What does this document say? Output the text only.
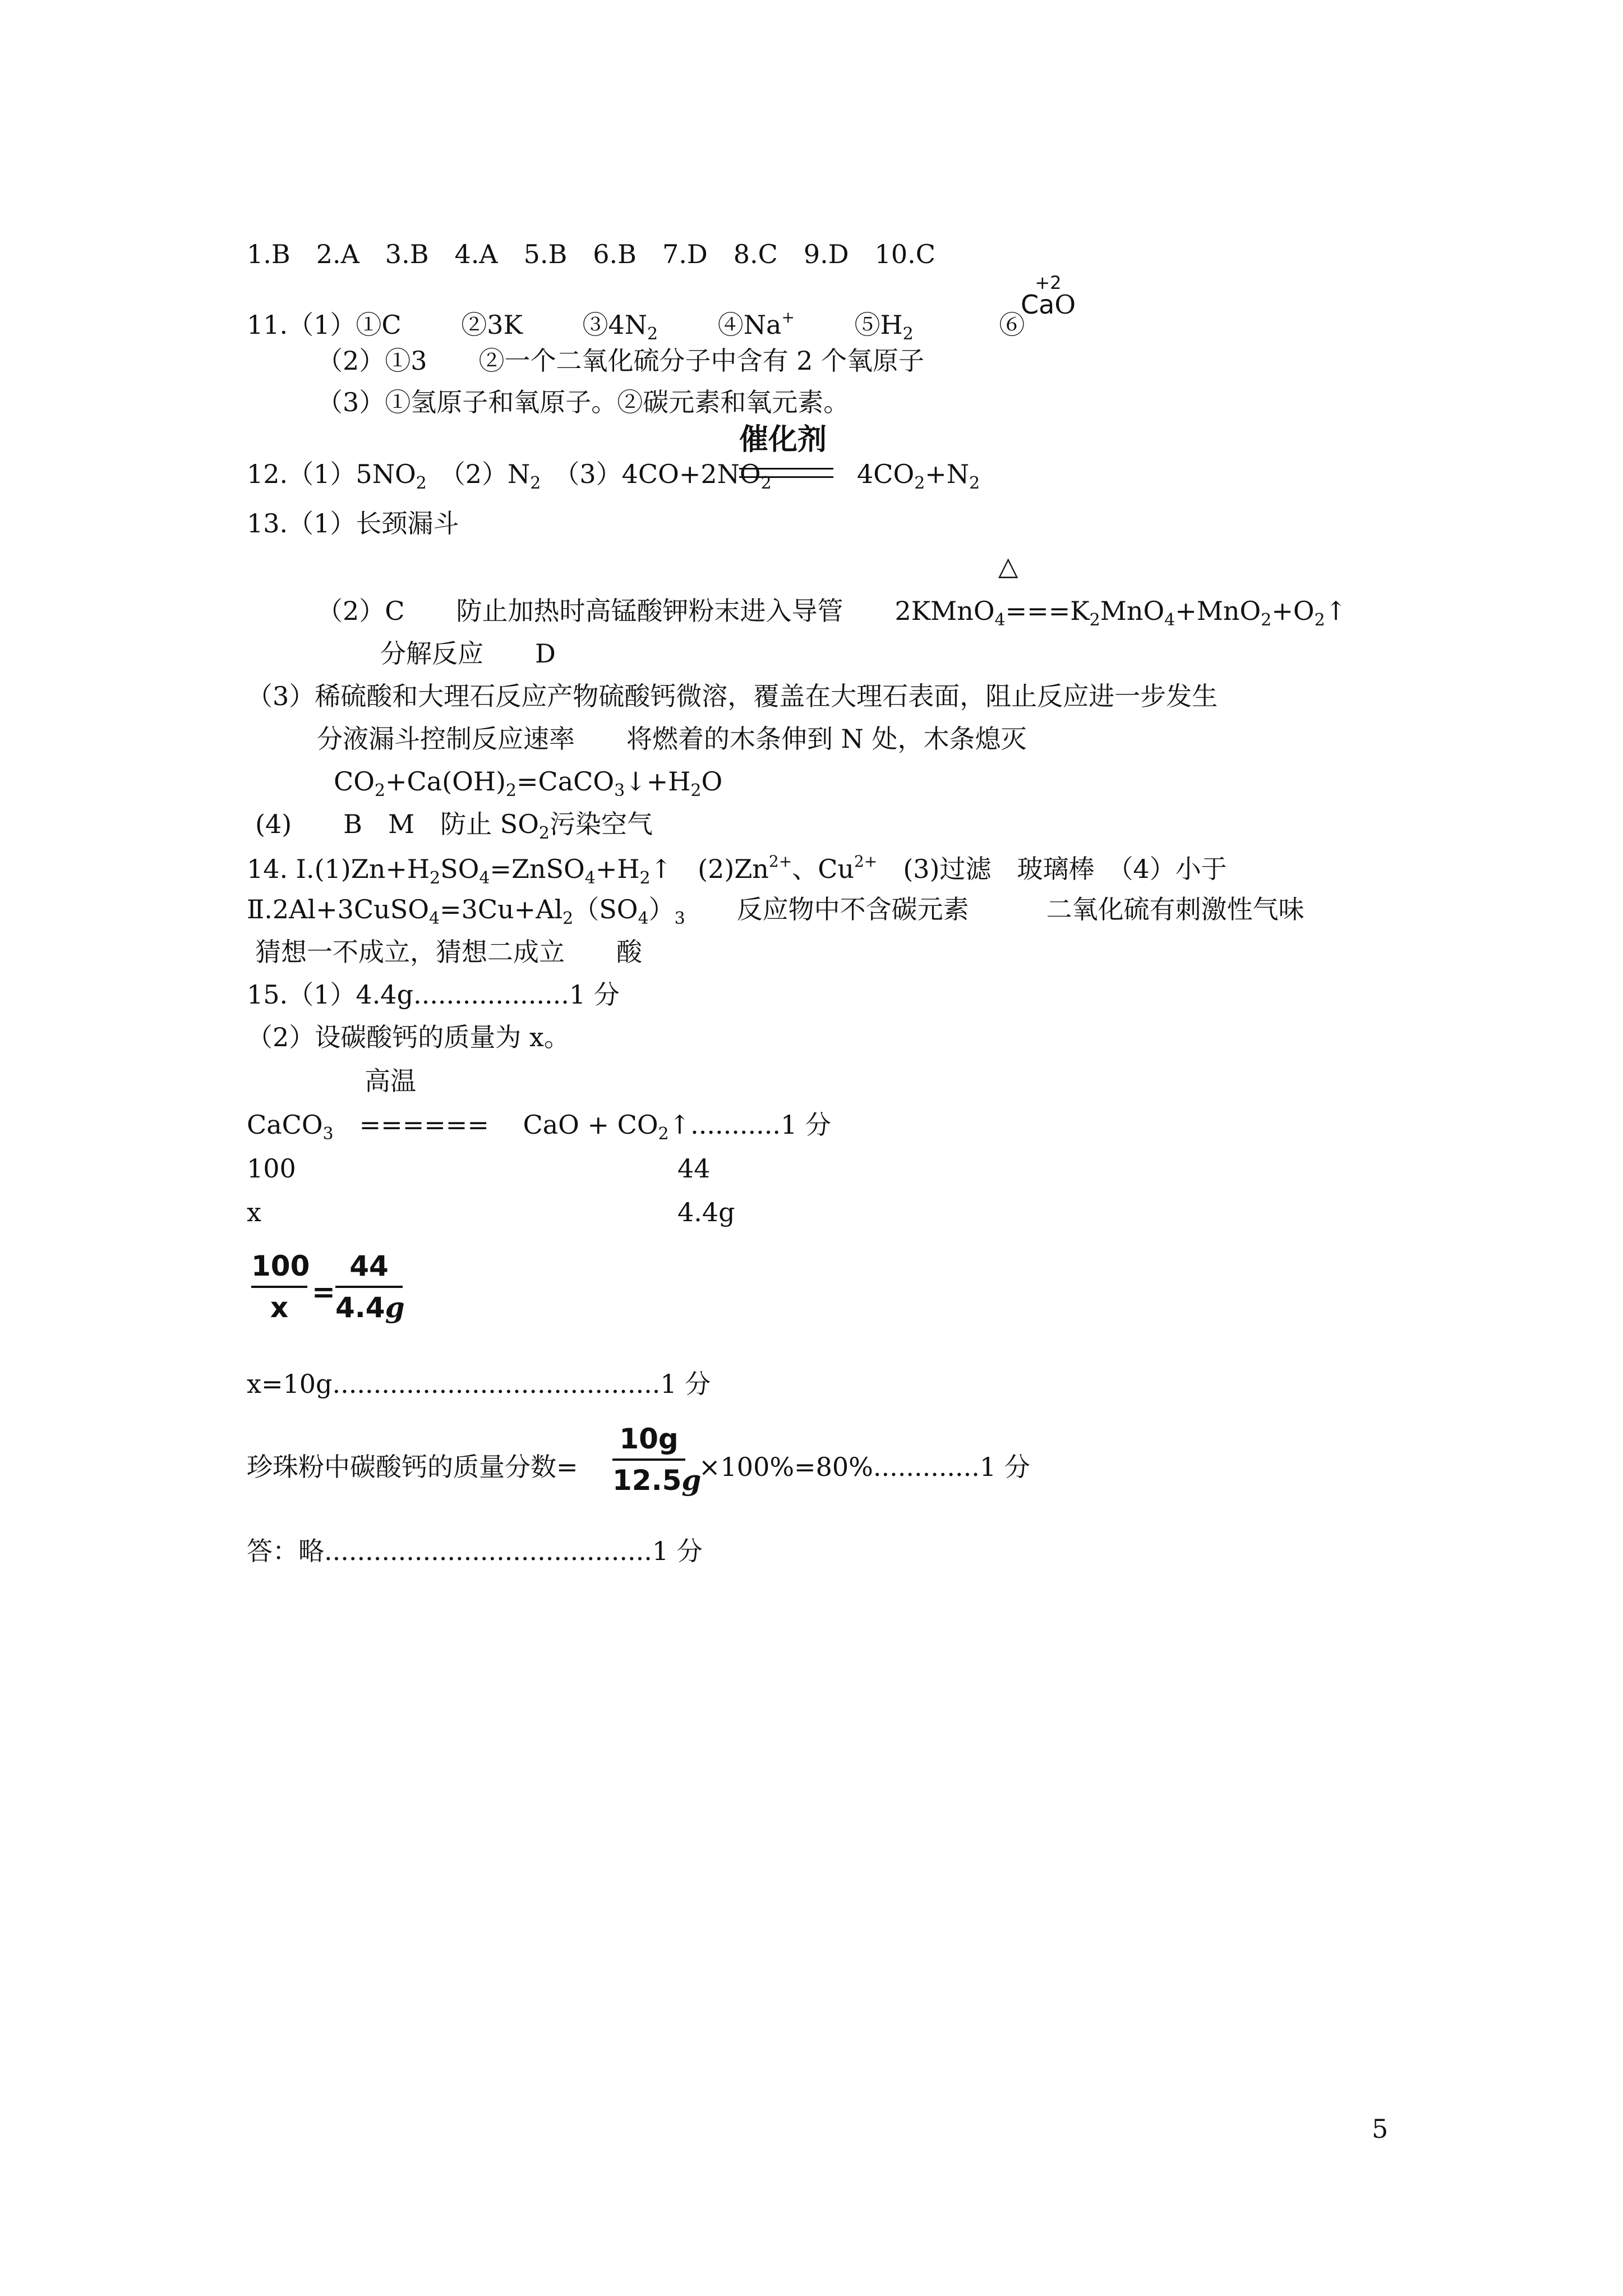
1.B　2.A　3.B　4.A　5.B　6.B　7.D　8.C　9.D　10.C
11.（1）①C　　 ②3K　　 $③4N_2$　　 ④Na+　　 $⑤H_2$　　　	⑥
+2
CaO
（2）①3　　②一个二氧化硫分子中含有 2 个氧原子
（3）①氢原子和氧原子。②碳元素和氧元素。
$12.(1)5NO_2$　 $(2)N_2$　 $(3)4CO+2NO_2$
催化剂
$4CO_2+N_2$
13.（1）长颈漏斗
△
（2）C　　防止加热时高锰酸钾粉末进入导管　　 $2KMnO_4===K_2MnO_4+MnO_2+O_2↑$
分解反应　　D
（3）稀硫酸和大理石反应产物硫酸钙微溶，覆盖在大理石表面，阻止反应进一步发生
分液漏斗控制反应速率　　将燃着的木条伸到 N 处，木条熄灭
$CO_2+Ca(OH)_2=CaCO_3↓+H_2O$
(4)　　B　M　防止 $SO_2$污染空气
14. $Ⅰ.(1)Zn+H_2SO_4=ZnSO_4+H_2↑$　$(2)Zn^{2+}$、$Cu^{2+}$　(3)过滤　玻璃棒　（4）小于
$Ⅱ.2Al+3CuSO_4=3Cu+Al_2(SO_4)_3$　　反应物中不含碳元素　　　二氧化硫有刺激性气味
猜想一不成立，猜想二成立　　酸
15.（1）4.4g...................1 分
（2）设碳酸钙的质量为 x。
高温
CaCO$_3$　======　 CaO + $CO_2↑...........1$ 分
100	44
x	4.4g
100
x =
44
4.4g
x=10g........................................1 分
珍珠粉中碳酸钙的质量分数=
10g
12.5g
×100%=80%.............1 分
答：略........................................1 分
5
